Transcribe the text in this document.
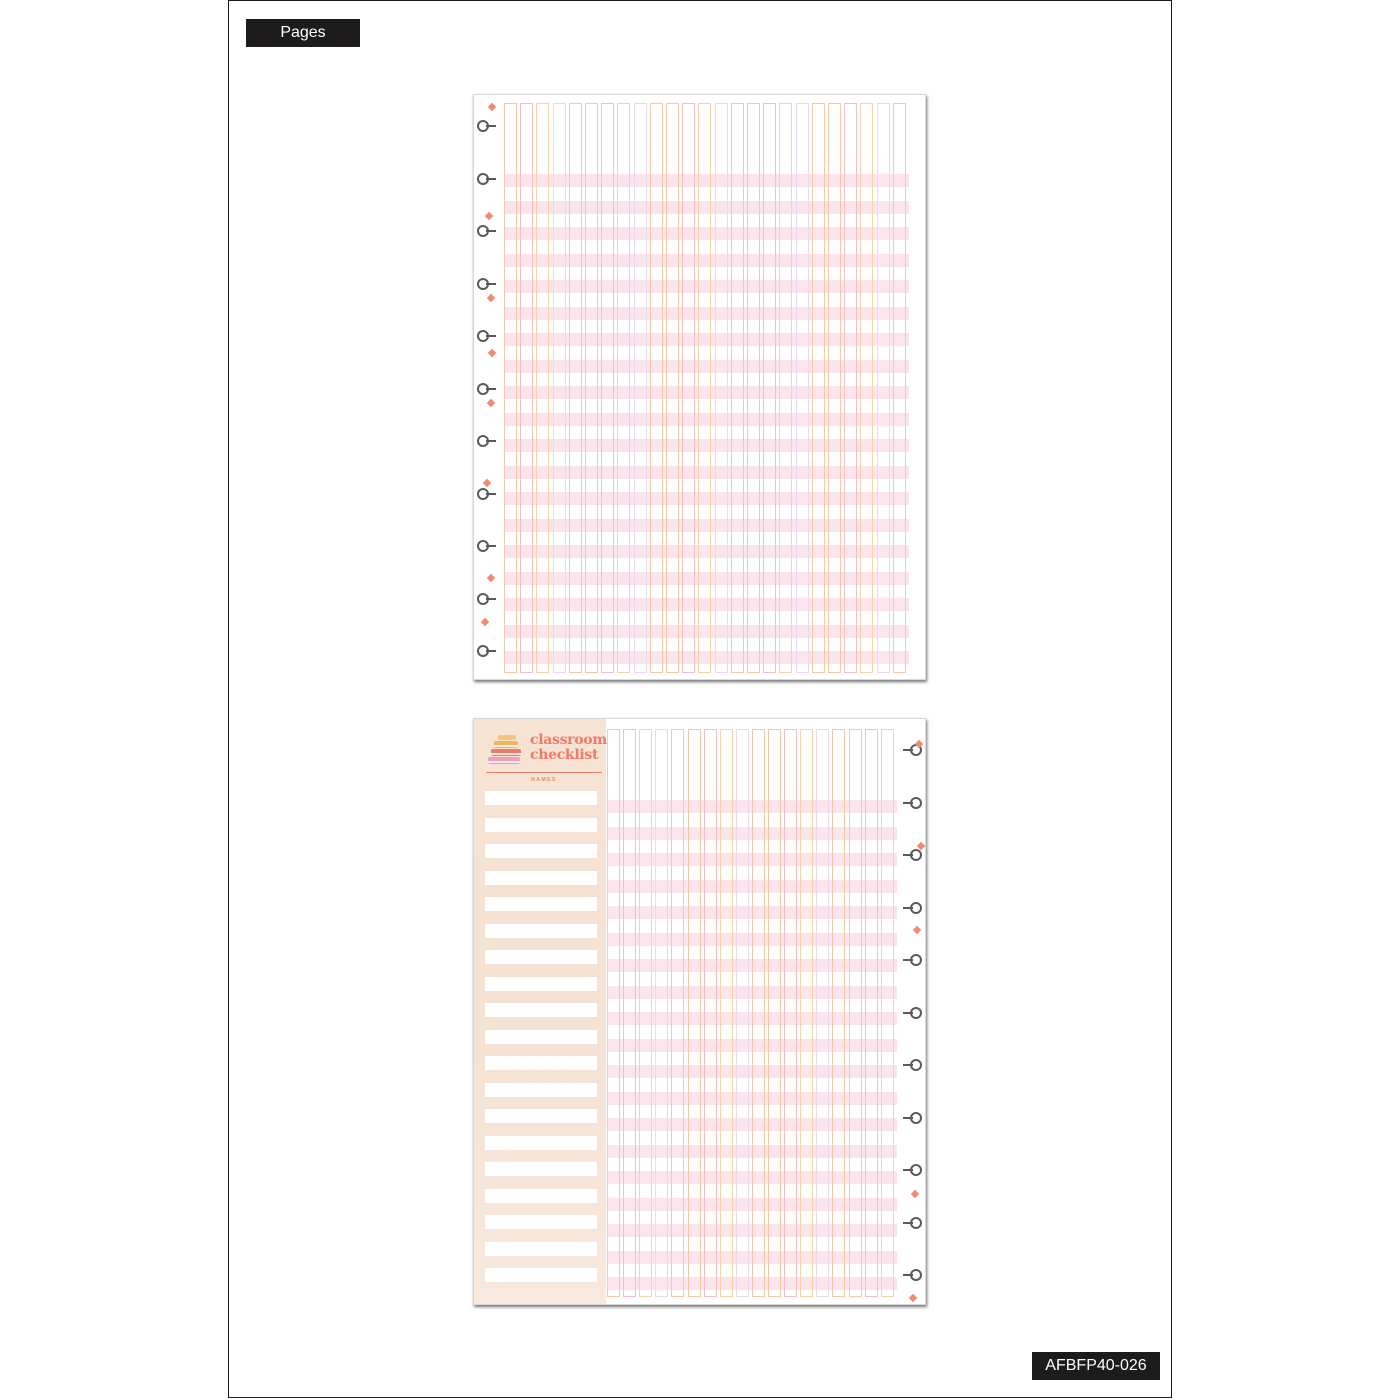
Pages
classroom
checklist
NAMES
AFBFP40-026
